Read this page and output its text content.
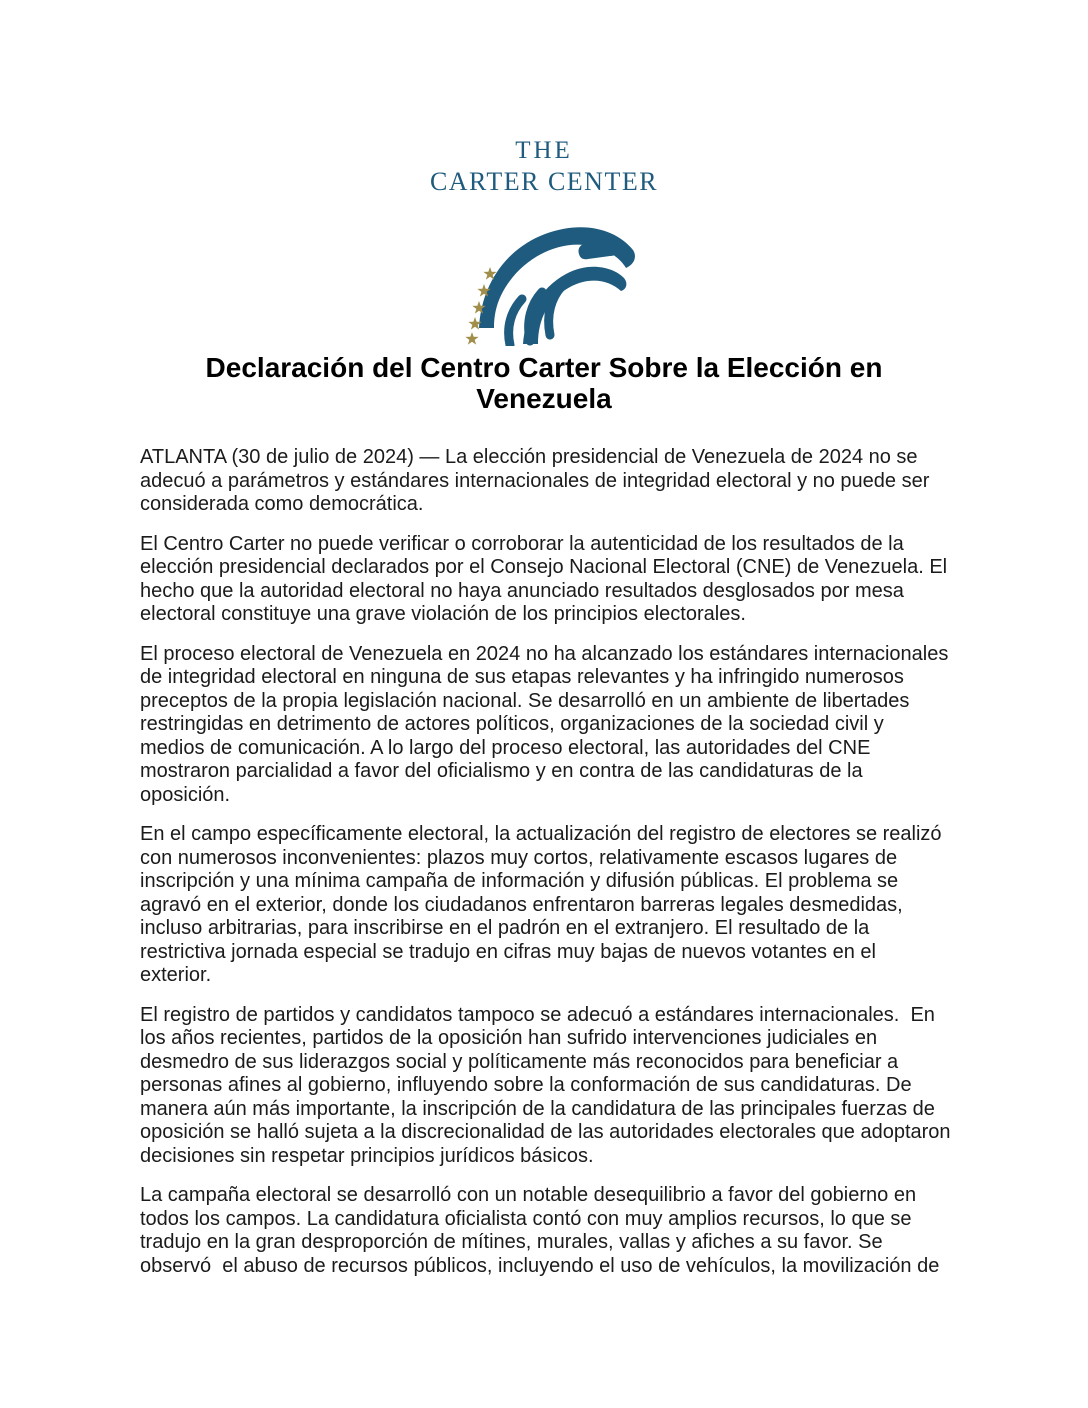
THE
CARTER CENTER
Declaración del Centro Carter Sobre la Elección en Venezuela

ATLANTA (30 de julio de 2024) — La elección presidencial de Venezuela de 2024 no se adecuó a parámetros y estándares internacionales de integridad electoral y no puede ser considerada como democrática.

El Centro Carter no puede verificar o corroborar la autenticidad de los resultados de la elección presidencial declarados por el Consejo Nacional Electoral (CNE) de Venezuela. El hecho que la autoridad electoral no haya anunciado resultados desglosados por mesa electoral constituye una grave violación de los principios electorales.

El proceso electoral de Venezuela en 2024 no ha alcanzado los estándares internacionales de integridad electoral en ninguna de sus etapas relevantes y ha infringido numerosos preceptos de la propia legislación nacional. Se desarrolló en un ambiente de libertades restringidas en detrimento de actores políticos, organizaciones de la sociedad civil y medios de comunicación. A lo largo del proceso electoral, las autoridades del CNE mostraron parcialidad a favor del oficialismo y en contra de las candidaturas de la oposición.

En el campo específicamente electoral, la actualización del registro de electores se realizó con numerosos inconvenientes: plazos muy cortos, relativamente escasos lugares de inscripción y una mínima campaña de información y difusión públicas. El problema se agravó en el exterior, donde los ciudadanos enfrentaron barreras legales desmedidas, incluso arbitrarias, para inscribirse en el padrón en el extranjero. El resultado de la restrictiva jornada especial se tradujo en cifras muy bajas de nuevos votantes en el exterior.

El registro de partidos y candidatos tampoco se adecuó a estándares internacionales.  En los años recientes, partidos de la oposición han sufrido intervenciones judiciales en desmedro de sus liderazgos social y políticamente más reconocidos para beneficiar a personas afines al gobierno, influyendo sobre la conformación de sus candidaturas. De manera aún más importante, la inscripción de la candidatura de las principales fuerzas de oposición se halló sujeta a la discrecionalidad de las autoridades electorales que adoptaron decisiones sin respetar principios jurídicos básicos.

La campaña electoral se desarrolló con un notable desequilibrio a favor del gobierno en todos los campos. La candidatura oficialista contó con muy amplios recursos, lo que se tradujo en la gran desproporción de mítines, murales, vallas y afiches a su favor. Se observó  el abuso de recursos públicos, incluyendo el uso de vehículos, la movilización de
